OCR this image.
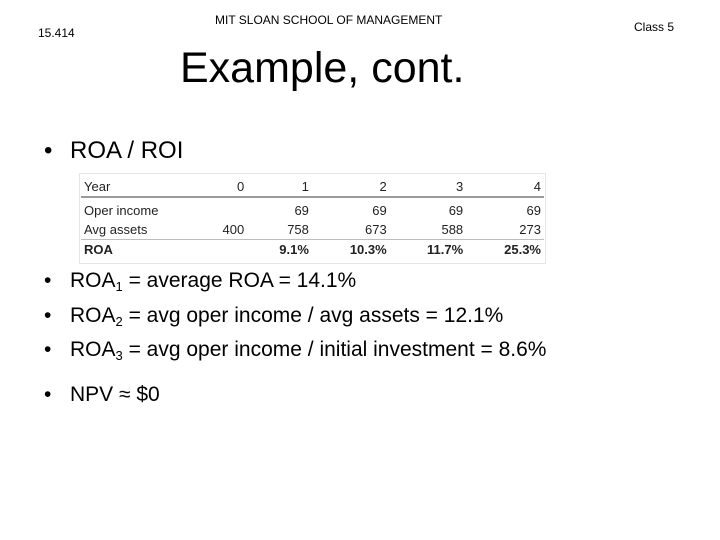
15.414
MIT SLOAN SCHOOL OF MANAGEMENT	Class 5
Example, cont.
• ROA / ROI
Year	0	1	2	3	4

Oper income		69	69	69	69
Avg assets	400	758	673	588	273
ROA		9.1%	10.3%	11.7%	25.3%
• $ROA_1$ = average ROA = 14.1%
• $ROA_2$ = avg oper income / avg assets = 12.1%
• $ROA_3$ = avg oper income / initial investment = 8.6%
• NPV ≈ $0
